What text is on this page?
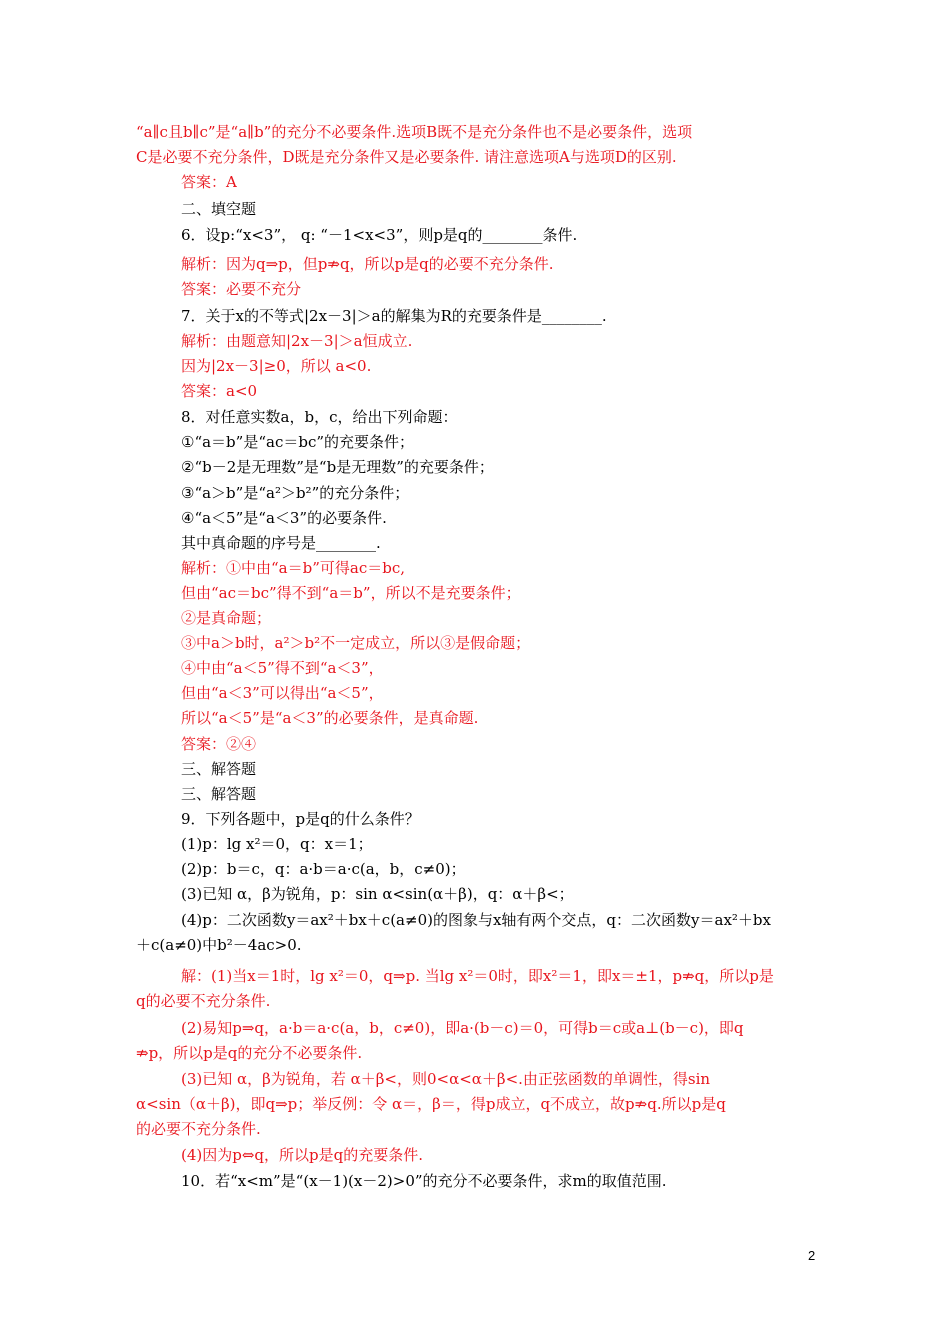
“a∥c且b∥c”是“a∥b”的充分不必要条件.选项B既不是充分条件也不是必要条件，选项
C是必要不充分条件，D既是充分条件又是必要条件. 请注意选项A与选项D的区别.
答案：A
二、填空题
6．设p:“x<3”， q: “－1<x<3”，则p是q的________条件.
解析：因为q⇒p，但p⇏q，所以p是q的必要不充分条件.
答案：必要不充分
7．关于x的不等式|2x－3|＞a的解集为R的充要条件是________.
解析：由题意知|2x－3|＞a恒成立.
因为|2x－3|≥0，所以 a<0.
答案：a<0
8．对任意实数a，b，c，给出下列命题：
①“a＝b”是“ac＝bc”的充要条件；
②“b－2是无理数”是“b是无理数”的充要条件；
③“a＞b”是“a²＞b²”的充分条件；
④“a＜5”是“a＜3”的必要条件.
其中真命题的序号是________.
解析：①中由“a＝b”可得ac＝bc,
但由“ac＝bc”得不到“a＝b”，所以不是充要条件；
②是真命题；
③中a＞b时，a²＞b²不一定成立，所以③是假命题；
④中由“a＜5”得不到“a＜3”，
但由“a＜3”可以得出“a＜5”，
所以“a＜5”是“a＜3”的必要条件，是真命题.
答案：②④
三、解答题
三、解答题
9．下列各题中，p是q的什么条件？
(1)p：lg x²＝0，q：x＝1；
(2)p：b＝c，q：a·b＝a·c(a，b，c≠0)；
(3)已知 α，β为锐角，p：sin α<sin(α＋β)，q：α＋β<；
(4)p：二次函数y＝ax²＋bx＋c(a≠0)的图象与x轴有两个交点，q：二次函数y＝ax²＋bx
＋c(a≠0)中b²－4ac>0.
解：(1)当x＝1时，lg x²＝0，q⇒p. 当lg x²＝0时，即x²＝1，即x＝±1，p⇏q，所以p是
q的必要不充分条件.
(2)易知p⇒q，a·b＝a·c(a，b，c≠0)，即a·(b－c)＝0，可得b＝c或a⊥(b－c)，即q
⇏p，所以p是q的充分不必要条件.
(3)已知 α，β为锐角，若 α＋β<，则0<α<α＋β<.由正弦函数的单调性，得sin
α<sin（α＋β)，即q⇒p；举反例：令 α＝，β＝，得p成立，q不成立，故p⇏q.所以p是q
的必要不充分条件.
(4)因为p⇔q，所以p是q的充要条件.
10．若“x<m”是“(x－1)(x－2)>0”的充分不必要条件，求m的取值范围.
2
